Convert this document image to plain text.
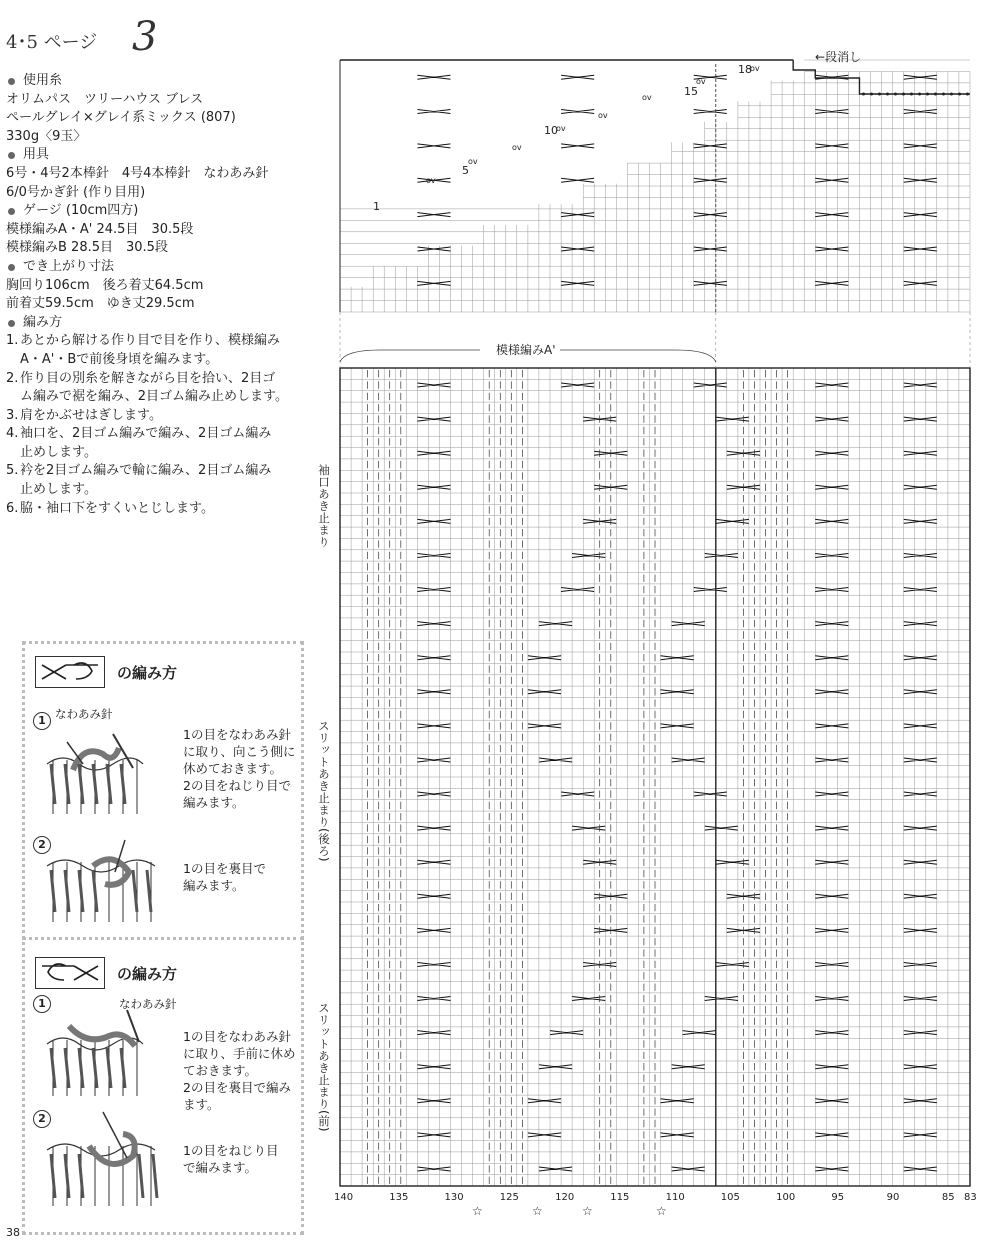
4･5 ページ 3
使用糸
オリムパス　ツリーハウス ブレス
ペールグレイ×グレイ系ミックス (807)
330g〈9玉〉
用具
6号・4号2本棒針　4号4本棒針　なわあみ針
6/0号かぎ針 (作り目用)
ゲージ (10cm四方)
模様編みA・A' 24.5目　30.5段
模様編みB 28.5目　30.5段
でき上がり寸法
胸回り106cm　後ろ着丈64.5cm
前着丈59.5cm　ゆき丈29.5cm
編み方
1. あとから解ける作り目で目を作り、模様編み
A・A'・Bで前後身頃を編みます。
2. 作り目の別糸を解きながら目を拾い、2目ゴ
ム編みで裾を編み、2目ゴム編み止めします。
3. 肩をかぶせはぎします。
4. 袖口を、2目ゴム編みで編み、2目ゴム編み
止めします。
5. 衿を2目ゴム編みで輪に編み、2目ゴム編み
止めします。
6. 脇・袖口下をすくいとじします。
の編み方
1 なわあみ針
1の目をなわあみ針
に取り、向こう側に
休めておきます。
2の目をねじり目で
編みます。
2
1の目を裏目で
編みます。
の編み方
なわあみ針
1
1の目をなわあみ針
に取り、手前に休め
ておきます。
2の目を裏目で編み
ます。
2
1の目をねじり目
で編みます。
ov
ov
ov
ov
ov
ov
ov
ov
←段消し
模様編みA'
1
5
10
15
18
袖口あき止まり
スリットあき止まり(後ろ)
スリットあき止まり(前)
140	135	130	125	120	115	110	105	100	95	90	85 83
☆	☆	☆	☆
38
